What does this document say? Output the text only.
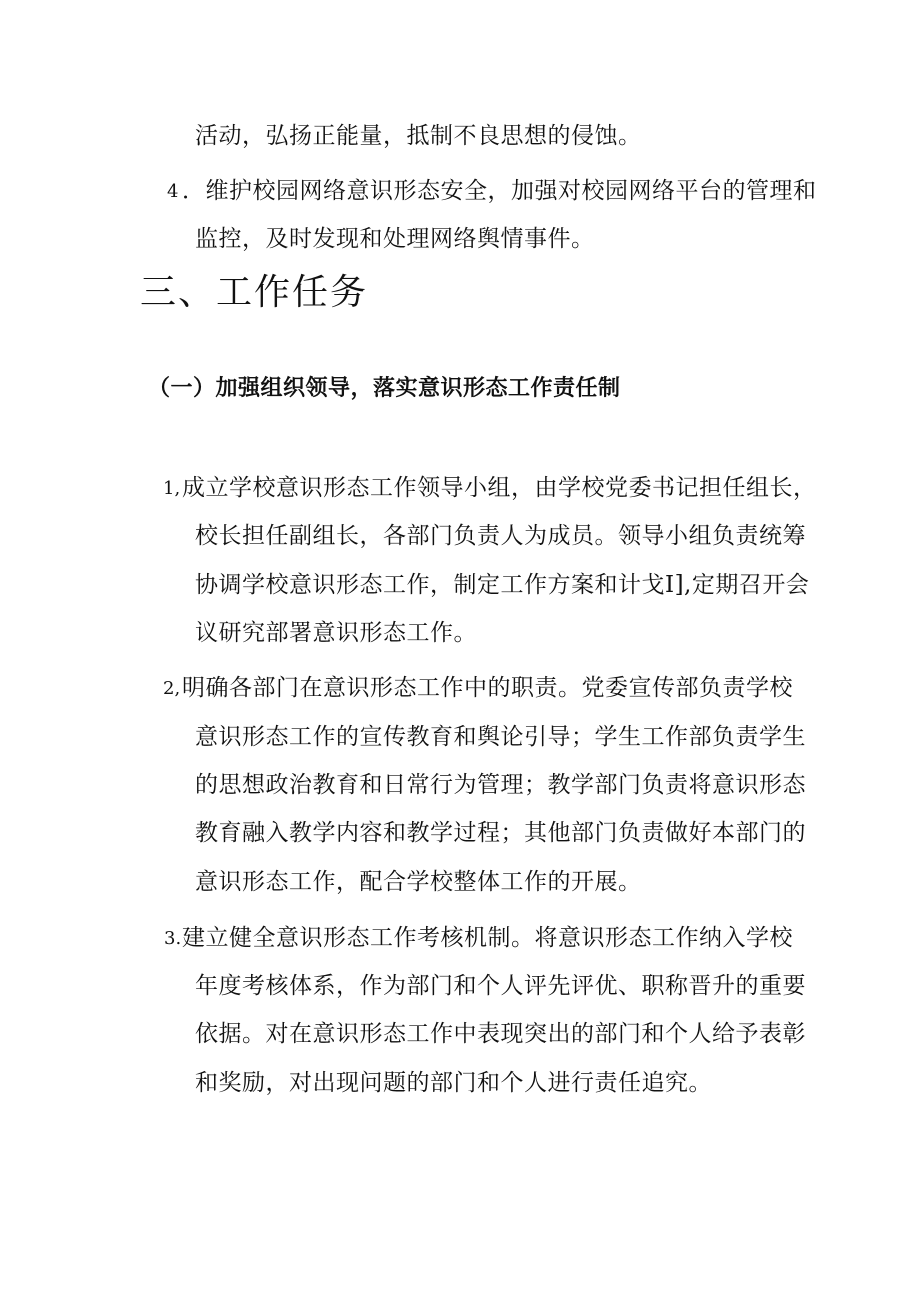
活动，弘扬正能量，抵制不良思想的侵蚀。
4 ．维护校园网络意识形态安全，加强对校园网络平台的管理和
监控，及时发现和处理网络舆情事件。
三、工作任务
（一）加强组织领导，落实意识形态工作责任制
1, 成立学校意识形态工作领导小组，由学校党委书记担任组长，
校长担任副组长，各部门负责人为成员。领导小组负责统筹
协调学校意识形态工作，制定工作方案和计戈I],定期召开会
议研究部署意识形态工作。
2, 明确各部门在意识形态工作中的职责。党委宣传部负责学校
意识形态工作的宣传教育和舆论引导；学生工作部负责学生
的思想政治教育和日常行为管理；教学部门负责将意识形态
教育融入教学内容和教学过程；其他部门负责做好本部门的
意识形态工作，配合学校整体工作的开展。
3. 建立健全意识形态工作考核机制。将意识形态工作纳入学校
年度考核体系，作为部门和个人评先评优、职称晋升的重要
依据。对在意识形态工作中表现突出的部门和个人给予表彰
和奖励，对出现问题的部门和个人进行责任追究。
